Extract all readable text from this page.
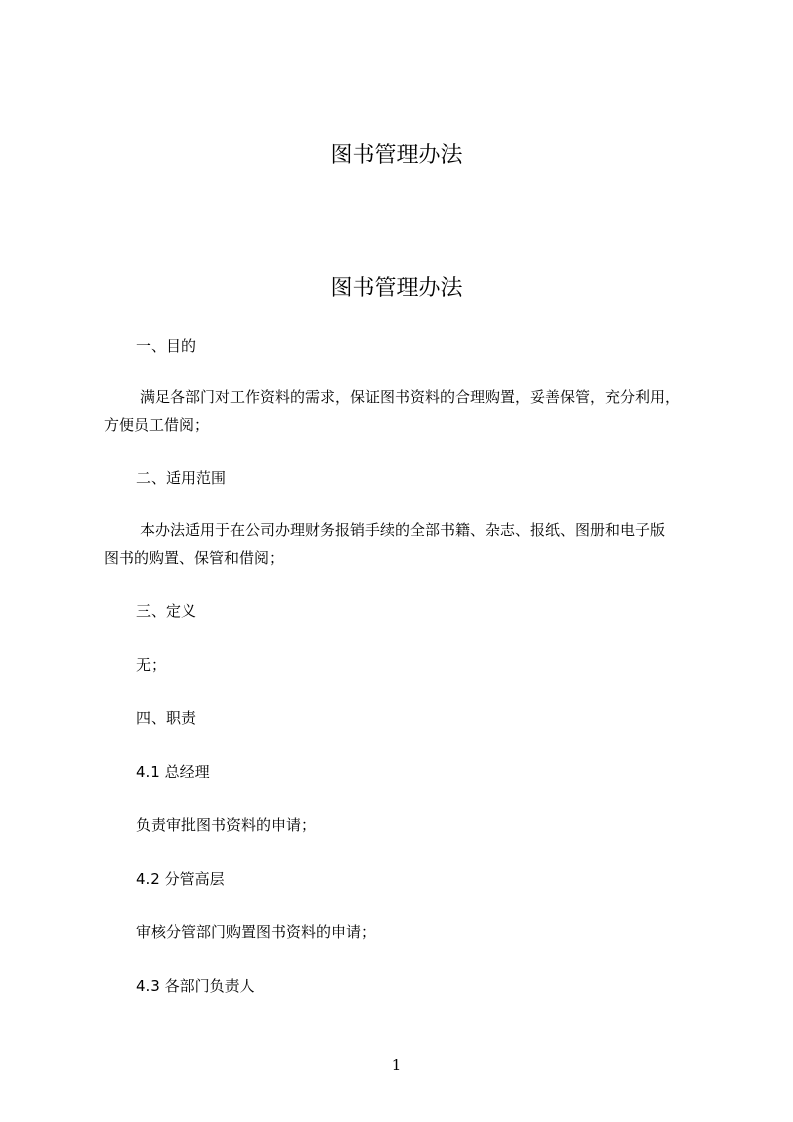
图书管理办法
图书管理办法
一、目的
满足各部门对工作资料的需求，保证图书资料的合理购置，妥善保管，充分利用，
方便员工借阅；
二、适用范围
本办法适用于在公司办理财务报销手续的全部书籍、杂志、报纸、图册和电子版
图书的购置、保管和借阅；
三、定义
无；
四、职责
4.1 总经理
负责审批图书资料的申请；
4.2 分管高层
审核分管部门购置图书资料的申请；
4.3 各部门负责人
1
